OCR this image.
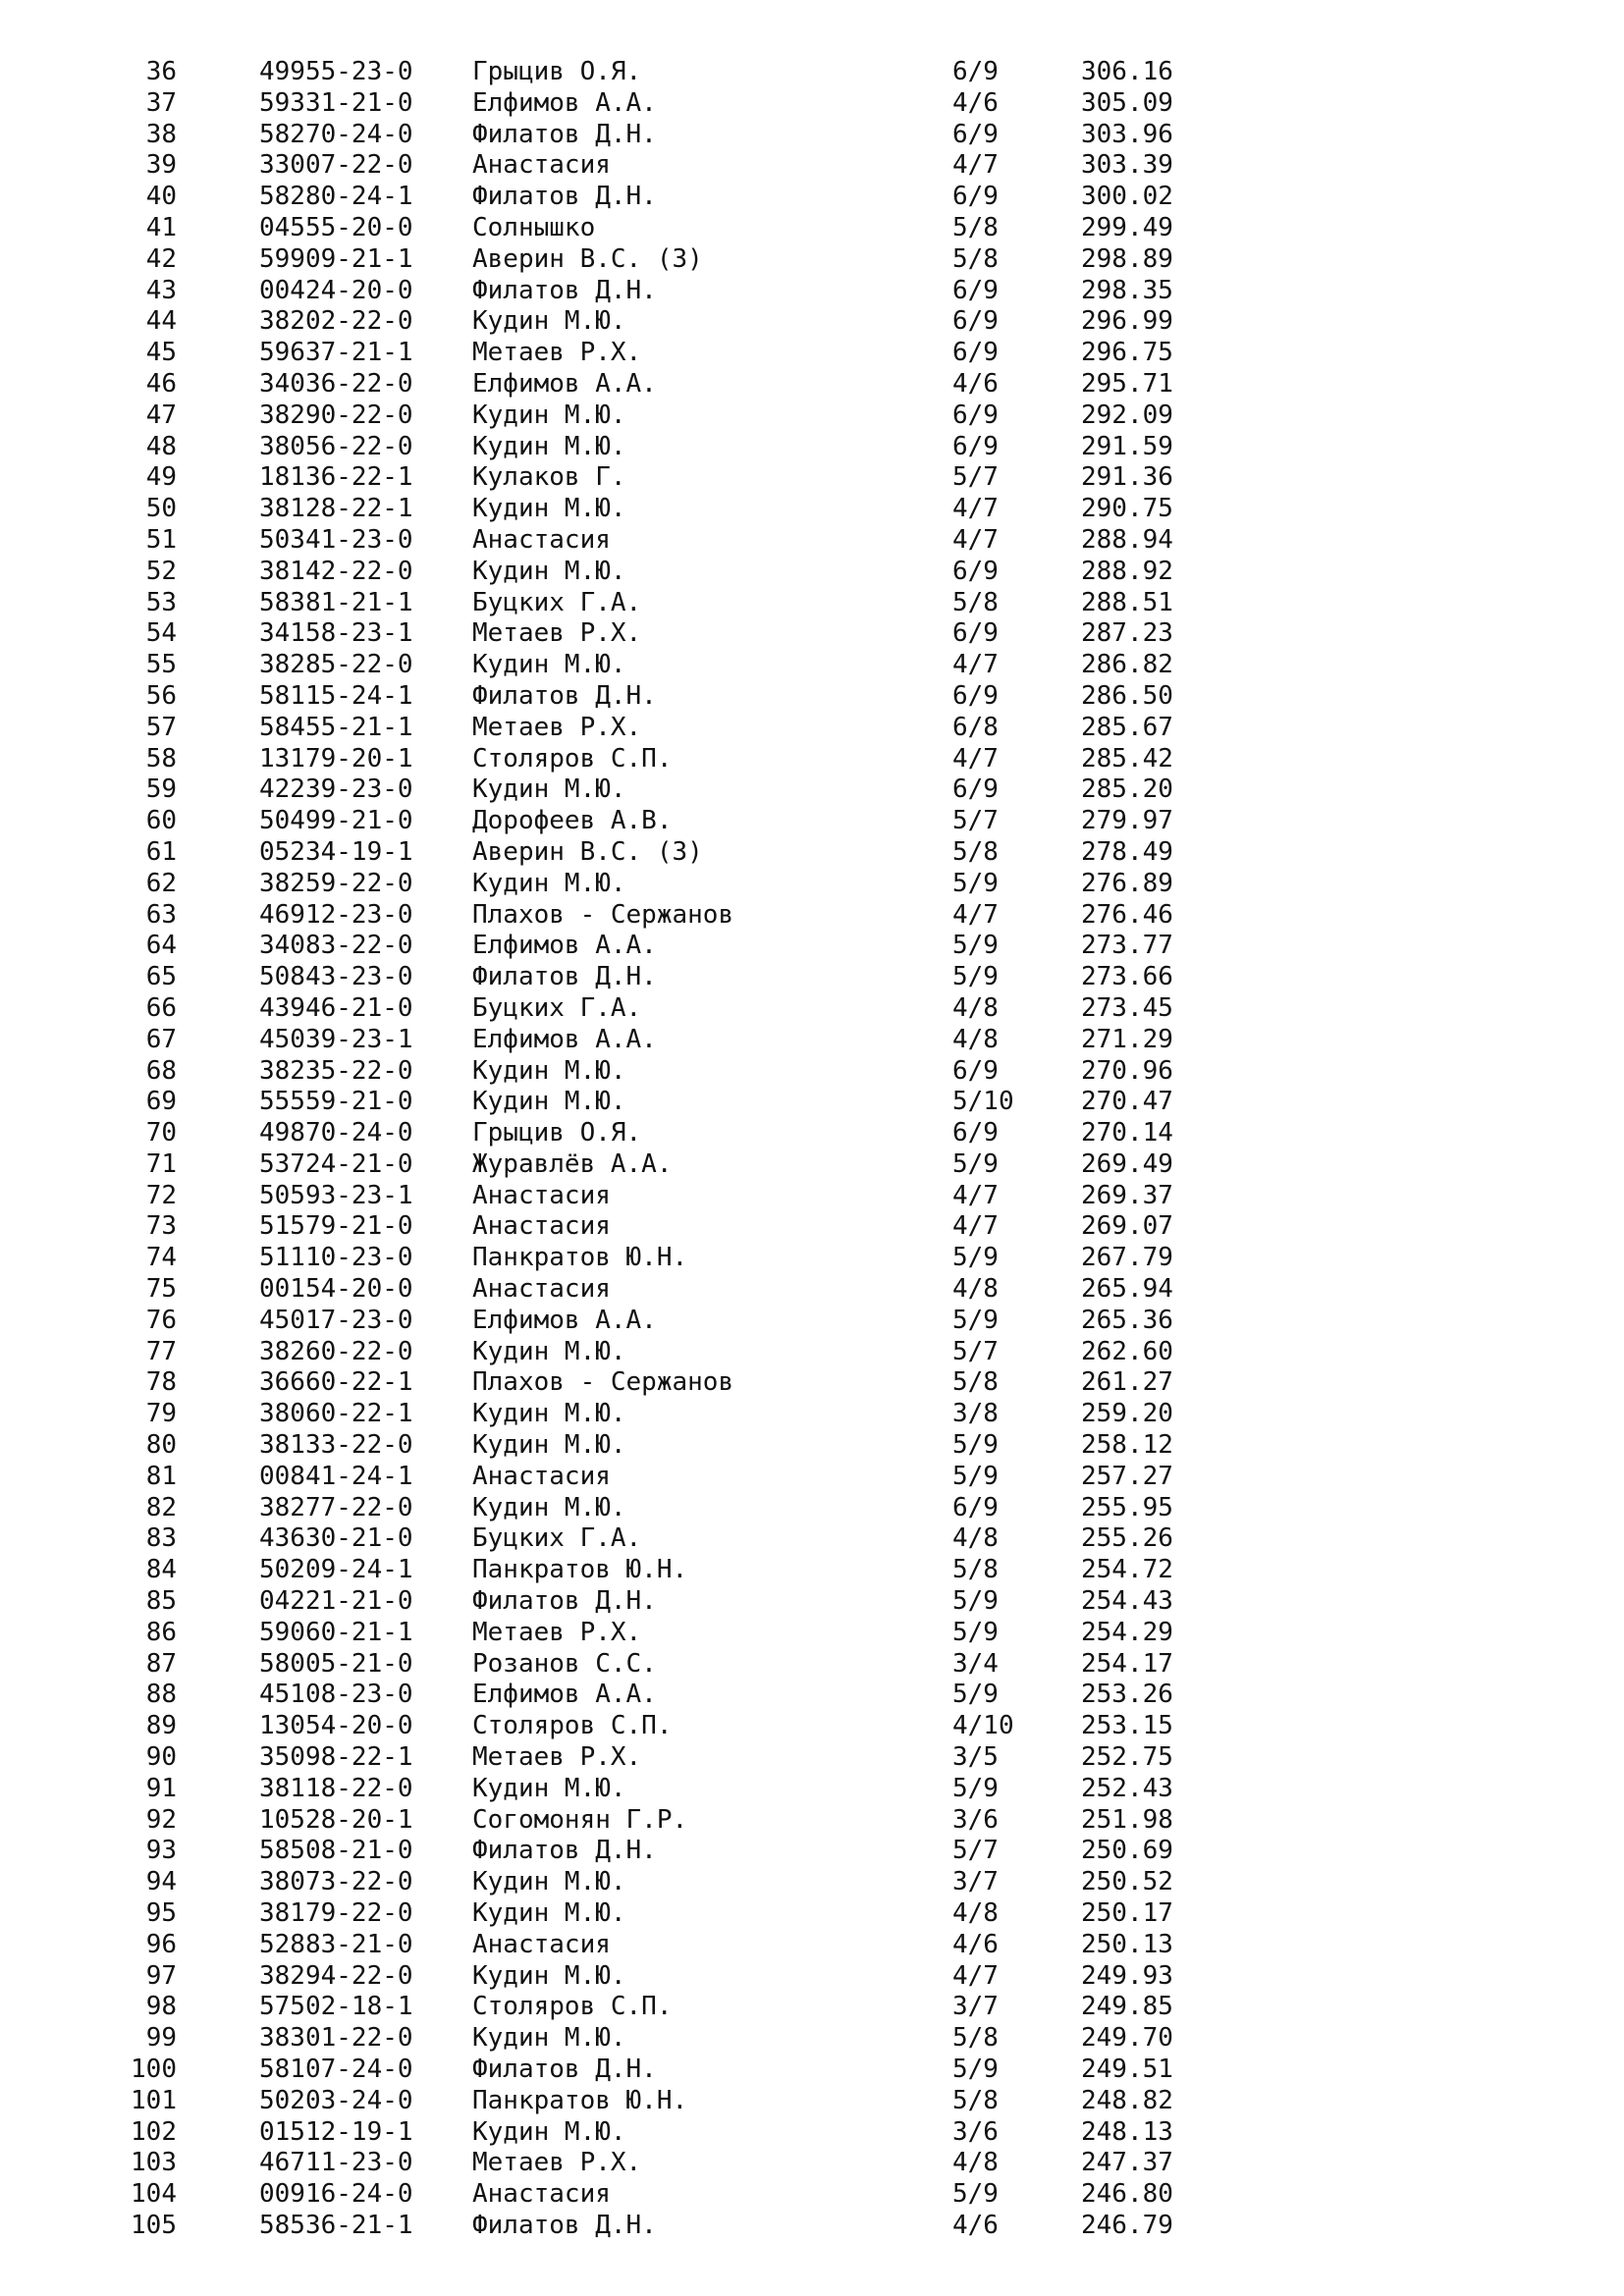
36	49955-23-0 Грыцив О.Я.	6/9	306.16
37	59331-21-0 Елфимов А.А.	4/6	305.09
38	58270-24-0 Филатов Д.Н.	6/9	303.96
39	33007-22-0 Анастасия	4/7	303.39
40	58280-24-1 Филатов Д.Н.	6/9	300.02
41	04555-20-0 Солнышко	5/8	299.49
42	59909-21-1 Аверин В.С. (З)	5/8	298.89
43	00424-20-0 Филатов Д.Н.	6/9	298.35
44	38202-22-0 Кудин М.Ю.	6/9	296.99
45	59637-21-1 Метаев Р.Х.	6/9	296.75
46	34036-22-0 Елфимов А.А.	4/6	295.71
47	38290-22-0 Кудин М.Ю.	6/9	292.09
48	38056-22-0 Кудин М.Ю.	6/9	291.59
49	18136-22-1 Кулаков Г.	5/7	291.36
50	38128-22-1 Кудин М.Ю.	4/7	290.75
51	50341-23-0 Анастасия	4/7	288.94
52	38142-22-0 Кудин М.Ю.	6/9	288.92
53	58381-21-1 Буцких Г.А.	5/8	288.51
54	34158-23-1 Метаев Р.Х.	6/9	287.23
55	38285-22-0 Кудин М.Ю.	4/7	286.82
56	58115-24-1 Филатов Д.Н.	6/9	286.50
57	58455-21-1 Метаев Р.Х.	6/8	285.67
58	13179-20-1 Столяров С.П.	4/7	285.42
59	42239-23-0 Кудин М.Ю.	6/9	285.20
60	50499-21-0 Дорофеев А.В.	5/7	279.97
61	05234-19-1 Аверин В.С. (З)	5/8	278.49
62	38259-22-0 Кудин М.Ю.	5/9	276.89
63	46912-23-0 Плахов - Сержанов	4/7	276.46
64	34083-22-0 Елфимов А.А.	5/9	273.77
65	50843-23-0 Филатов Д.Н.	5/9	273.66
66	43946-21-0 Буцких Г.А.	4/8	273.45
67	45039-23-1 Елфимов А.А.	4/8	271.29
68	38235-22-0 Кудин М.Ю.	6/9	270.96
69	55559-21-0 Кудин М.Ю.	5/10	270.47
70	49870-24-0 Грыцив О.Я.	6/9	270.14
71	53724-21-0 Журавлёв А.А.	5/9	269.49
72	50593-23-1 Анастасия	4/7	269.37
73	51579-21-0 Анастасия	4/7	269.07
74	51110-23-0 Панкратов Ю.Н.	5/9	267.79
75	00154-20-0 Анастасия	4/8	265.94
76	45017-23-0 Елфимов А.А.	5/9	265.36
77	38260-22-0 Кудин М.Ю.	5/7	262.60
78	36660-22-1 Плахов - Сержанов	5/8	261.27
79	38060-22-1 Кудин М.Ю.	3/8	259.20
80	38133-22-0 Кудин М.Ю.	5/9	258.12
81	00841-24-1 Анастасия	5/9	257.27
82	38277-22-0 Кудин М.Ю.	6/9	255.95
83	43630-21-0 Буцких Г.А.	4/8	255.26
84	50209-24-1 Панкратов Ю.Н.	5/8	254.72
85	04221-21-0 Филатов Д.Н.	5/9	254.43
86	59060-21-1 Метаев Р.Х.	5/9	254.29
87	58005-21-0 Розанов С.С.	3/4	254.17
88	45108-23-0 Елфимов А.А.	5/9	253.26
89	13054-20-0 Столяров С.П.	4/10	253.15
90	35098-22-1 Метаев Р.Х.	3/5	252.75
91	38118-22-0 Кудин М.Ю.	5/9	252.43
92	10528-20-1 Согомонян Г.Р.	3/6	251.98
93	58508-21-0 Филатов Д.Н.	5/7	250.69
94	38073-22-0 Кудин М.Ю.	3/7	250.52
95	38179-22-0 Кудин М.Ю.	4/8	250.17
96	52883-21-0 Анастасия	4/6	250.13
97	38294-22-0 Кудин М.Ю.	4/7	249.93
98	57502-18-1 Столяров С.П.	3/7	249.85
99	38301-22-0 Кудин М.Ю.	5/8	249.70
100	58107-24-0 Филатов Д.Н.	5/9	249.51
101	50203-24-0 Панкратов Ю.Н.	5/8	248.82
102	01512-19-1 Кудин М.Ю.	3/6	248.13
103	46711-23-0 Метаев Р.Х.	4/8	247.37
104	00916-24-0 Анастасия	5/9	246.80
105	58536-21-1 Филатов Д.Н.	4/6	246.79
